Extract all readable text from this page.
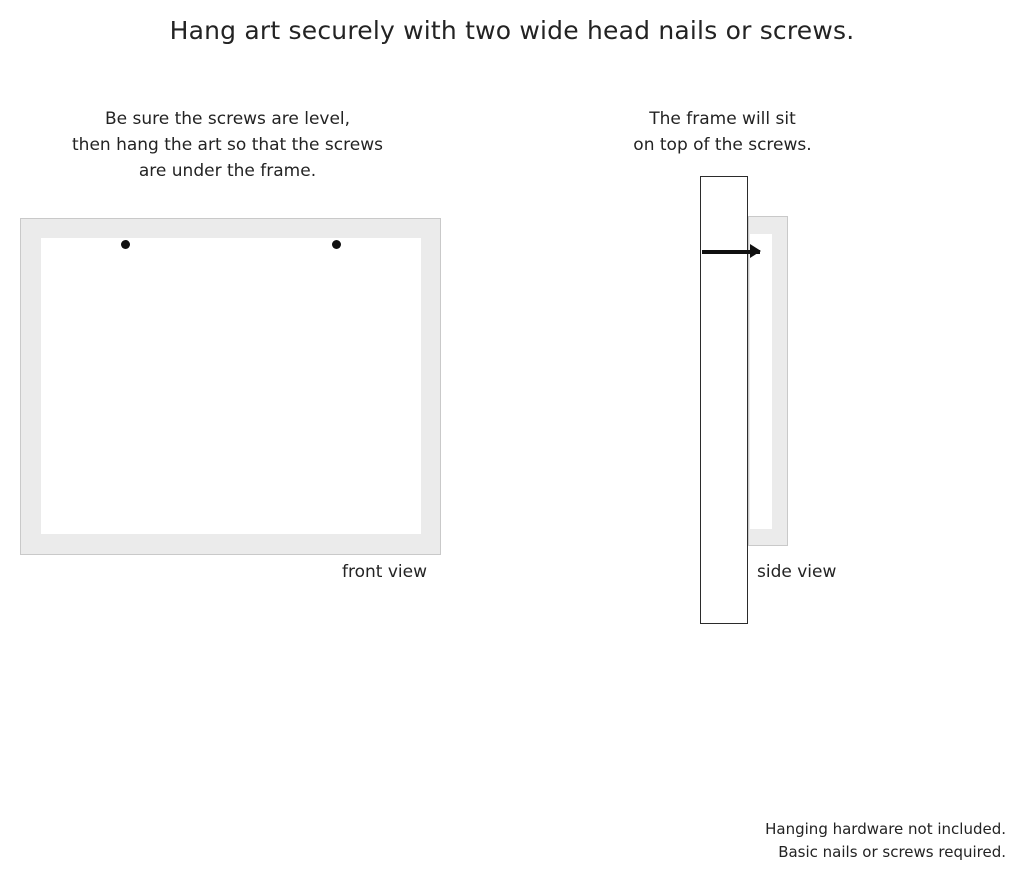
Hang art securely with two wide head nails or screws.
Be sure the screws are level,
then hang the art so that the screws
are under the frame.
The frame will sit
on top of the screws.
front view	side view
Hanging hardware not included.
Basic nails or screws required.
